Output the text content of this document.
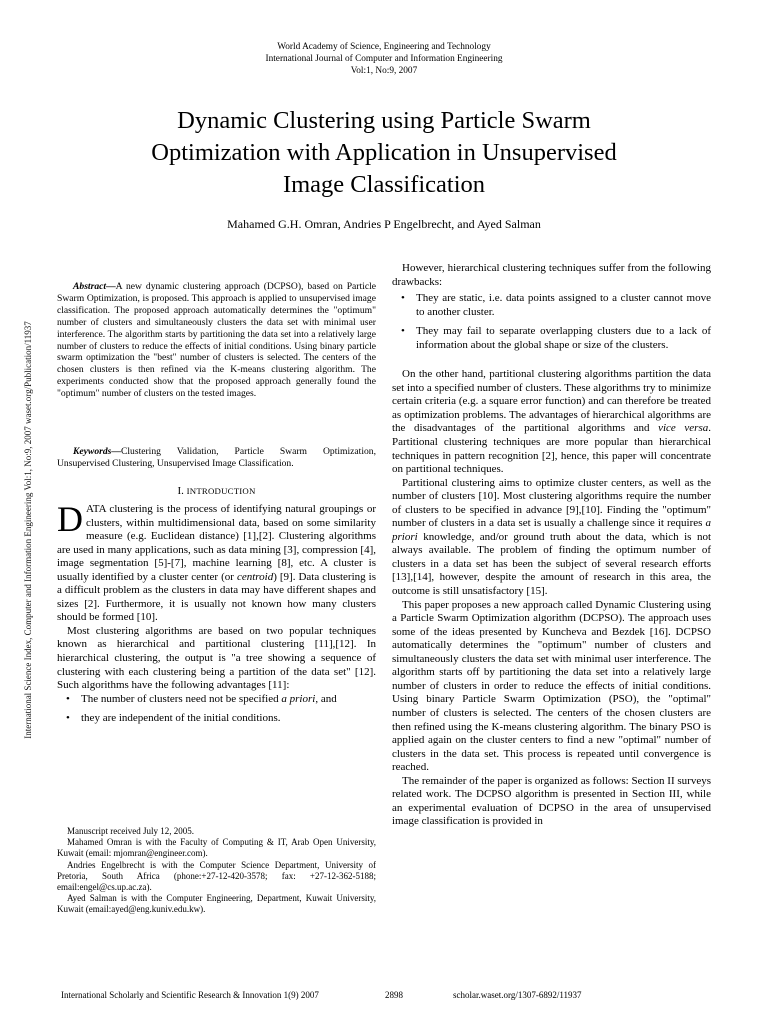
World Academy of Science, Engineering and Technology
International Journal of Computer and Information Engineering
Vol:1, No:9, 2007
Dynamic Clustering using Particle Swarm
Optimization with Application in Unsupervised
Image Classification
Mahamed G.H. Omran, Andries P Engelbrecht, and Ayed Salman
International Science Index, Computer and Information Engineering Vol:1, No:9, 2007 waset.org/Publication/11937
Abstract—A new dynamic clustering approach (DCPSO), based on Particle Swarm Optimization, is proposed. This approach is applied to unsupervised image classification. The proposed approach automatically determines the "optimum" number of clusters and simultaneously clusters the data set with minimal user interference. The algorithm starts by partitioning the data set into a relatively large number of clusters to reduce the effects of initial conditions. Using binary particle swarm optimization the "best" number of clusters is selected. The centers of the chosen clusters is then refined via the K-means clustering algorithm. The experiments conducted show that the proposed approach generally found the "optimum" number of clusters on the tested images.
Keywords—Clustering Validation, Particle Swarm Optimization, Unsupervised Clustering, Unsupervised Image Classification.
I. INTRODUCTION

DATA clustering is the process of identifying natural groupings or clusters, within multidimensional data, based on some similarity measure (e.g. Euclidean distance) [1],[2]. Clustering algorithms are used in many applications, such as data mining [3], compression [4], image segmentation [5]-[7], machine learning [8], etc. A cluster is usually identified by a cluster center (or centroid) [9]. Data clustering is a difficult problem as the clusters in data may have different shapes and sizes [2]. Furthermore, it is usually not known how many clusters should be formed [10].

Most clustering algorithms are based on two popular techniques known as hierarchical and partitional clustering [11],[12]. In hierarchical clustering, the output is "a tree showing a sequence of clustering with each clustering being a partition of the data set" [12]. Such algorithms have the following advantages [11]:

• The number of clusters need not be specified a priori, and
• they are independent of the initial conditions.

Manuscript received July 12, 2005.

Mahamed Omran is with the Faculty of Computing & IT, Arab Open University, Kuwait (email: mjomran@engineer.com).

Andries Engelbrecht is with the Computer Science Department, University of Pretoria, South Africa (phone:+27-12-420-3578; fax: +27-12-362-5188; email:engel@cs.up.ac.za).

Ayed Salman is with the Computer Engineering, Department, Kuwait University, Kuwait (email:ayed@eng.kuniv.edu.kw).

However, hierarchical clustering techniques suffer from the following drawbacks:

• They are static, i.e. data points assigned to a cluster cannot move to another cluster.
• They may fail to separate overlapping clusters due to a lack of information about the global shape or size of the clusters.

On the other hand, partitional clustering algorithms partition the data set into a specified number of clusters. These algorithms try to minimize certain criteria (e.g. a square error function) and can therefore be treated as optimization problems. The advantages of hierarchical algorithms are the disadvantages of the partitional algorithms and vice versa. Partitional clustering techniques are more popular than hierarchical techniques in pattern recognition [2], hence, this paper will concentrate on partitional techniques.

Partitional clustering aims to optimize cluster centers, as well as the number of clusters [10]. Most clustering algorithms require the number of clusters to be specified in advance [9],[10]. Finding the "optimum" number of clusters in a data set is usually a challenge since it requires a priori knowledge, and/or ground truth about the data, which is not always available. The problem of finding the optimum number of clusters in a data set has been the subject of several research efforts [13],[14], however, despite the amount of research in this area, the outcome is still unsatisfactory [15].

This paper proposes a new approach called Dynamic Clustering using a Particle Swarm Optimization algorithm (DCPSO). The approach uses some of the ideas presented by Kuncheva and Bezdek [16]. DCPSO automatically determines the "optimum" number of clusters and simultaneously clusters the data set with minimal user interference. The algorithm starts off by partitioning the data set into a relatively large number of clusters in order to reduce the effects of initial conditions. Using binary Particle Swarm Optimization (PSO), the "optimal" number of clusters is selected. The centers of the chosen clusters are then refined using the K-means clustering algorithm. The binary PSO is applied again on the cluster centers to find a new "optimal" number of clusters in the data set. This process is repeated until convergence is reached.

The remainder of the paper is organized as follows: Section II surveys related work. The DCPSO algorithm is presented in Section III, while an experimental evaluation of DCPSO in the area of unsupervised image classification is provided in

International Scholarly and Scientific Research & Innovation 1(9) 2007	2898	scholar.waset.org/1307-6892/11937
